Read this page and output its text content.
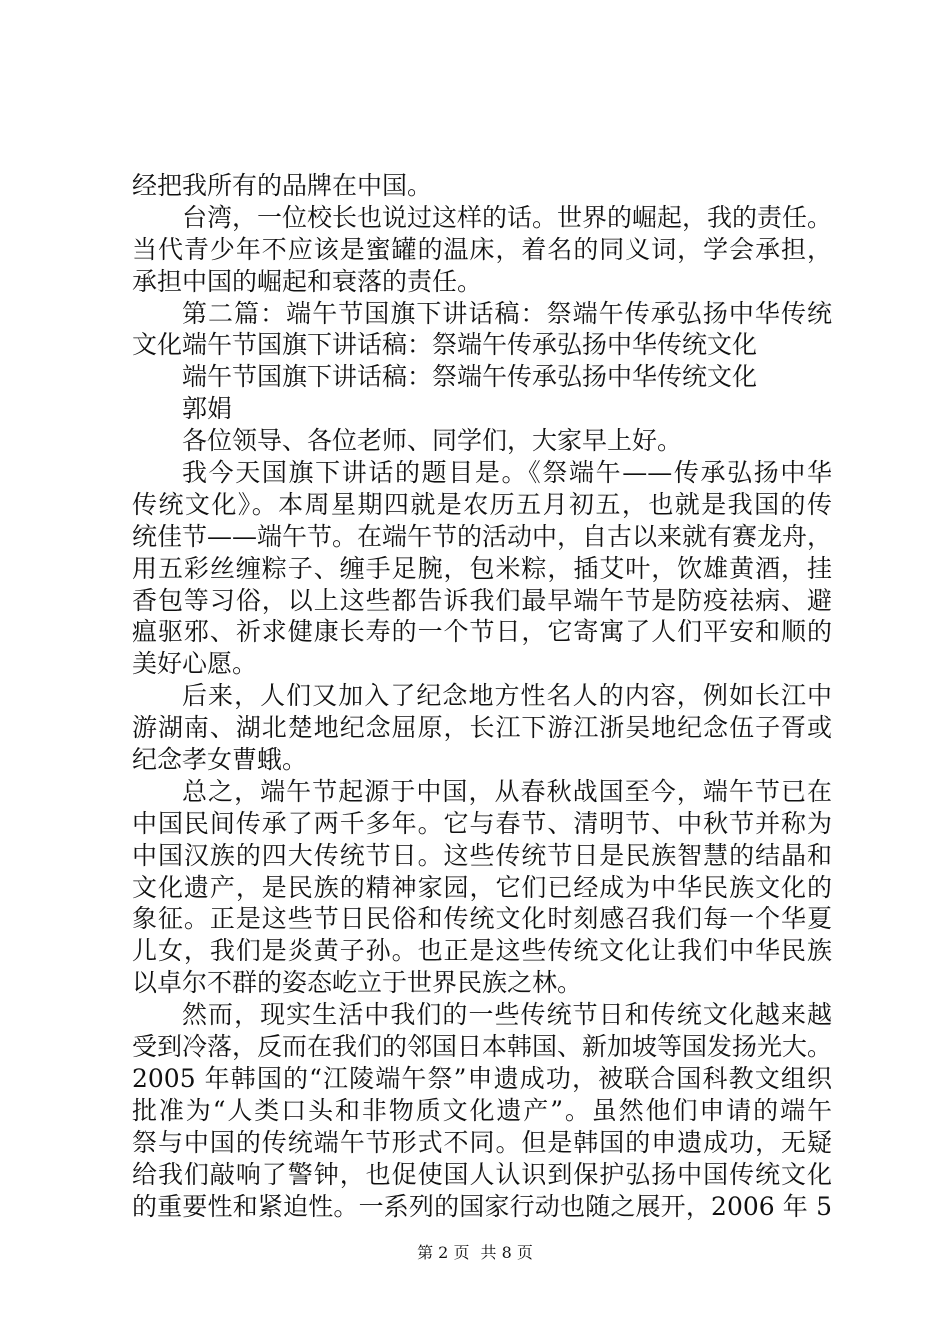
经把我所有的品牌在中国。
台湾，一位校长也说过这样的话。世界的崛起，我的责任。
当代青少年不应该是蜜罐的温床，着名的同义词，学会承担，
承担中国的崛起和衰落的责任。
第二篇：端午节国旗下讲话稿：祭端午传承弘扬中华传统
文化端午节国旗下讲话稿：祭端午传承弘扬中华传统文化
端午节国旗下讲话稿：祭端午传承弘扬中华传统文化
郭娟
各位领导、各位老师、同学们，大家早上好。
我今天国旗下讲话的题目是。《祭端午——传承弘扬中华
传统文化》。本周星期四就是农历五月初五，也就是我国的传
统佳节——端午节。在端午节的活动中，自古以来就有赛龙舟，
用五彩丝缠粽子、缠手足腕，包米粽，插艾叶，饮雄黄酒，挂
香包等习俗，以上这些都告诉我们最早端午节是防疫祛病、避
瘟驱邪、祈求健康长寿的一个节日，它寄寓了人们平安和顺的
美好心愿。
后来，人们又加入了纪念地方性名人的内容，例如长江中
游湖南、湖北楚地纪念屈原，长江下游江浙吴地纪念伍子胥或
纪念孝女曹蛾。
总之，端午节起源于中国，从春秋战国至今，端午节已在
中国民间传承了两千多年。它与春节、清明节、中秋节并称为
中国汉族的四大传统节日。这些传统节日是民族智慧的结晶和
文化遗产，是民族的精神家园，它们已经成为中华民族文化的
象征。正是这些节日民俗和传统文化时刻感召我们每一个华夏
儿女，我们是炎黄子孙。也正是这些传统文化让我们中华民族
以卓尔不群的姿态屹立于世界民族之林。
然而，现实生活中我们的一些传统节日和传统文化越来越
受到冷落，反而在我们的邻国日本韩国、新加坡等国发扬光大。
2005 年韩国的“江陵端午祭”申遗成功，被联合国科教文组织
批准为“人类口头和非物质文化遗产”。虽然他们申请的端午
祭与中国的传统端午节形式不同。但是韩国的申遗成功，无疑
给我们敲响了警钟，也促使国人认识到保护弘扬中国传统文化
的重要性和紧迫性。一系列的国家行动也随之展开，2006 年 5
第 2 页 共 8 页
